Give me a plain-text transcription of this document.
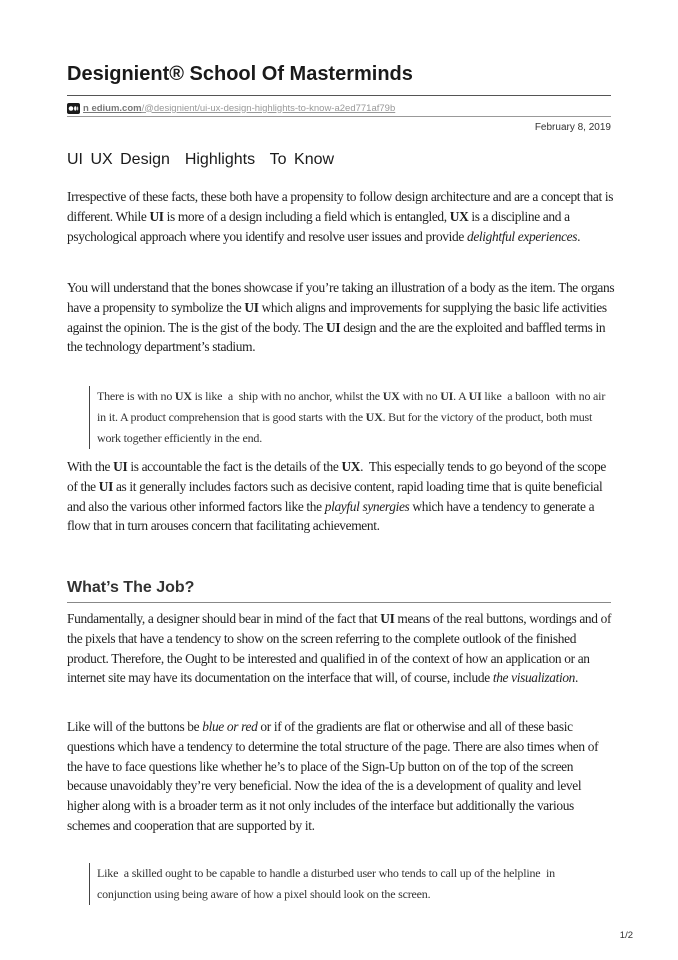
Designient® School Of Masterminds
n edium.com /@designient/ui-ux-design-highlights-to-know-a2ed771af79b
February 8, 2019
UI UX Design  Highlights  To Know

Irrespective of these facts, these both have a propensity to follow design architecture and are a concept that is different. While UI is more of a design including a field which is entangled, UX is a discipline and a psychological approach where you identify and resolve user issues and provide delightful experiences.

You will understand that the bones showcase if you’re taking an illustration of a body as the item. The organs have a propensity to symbolize the UI which aligns and improvements for supplying the basic life activities against the opinion. The is the gist of the body. The UI design and the are the exploited and baffled terms in the technology department’s stadium.

There is with no UX is like  a  ship with no anchor, whilst the UX with no UI. A UI like  a balloon  with no air in it. A product comprehension that is good starts with the UX. But for the victory of the product, both must work together efficiently in the end.

With the UI is accountable the fact is the details of the UX.  This especially tends to go beyond of the scope of the UI as it generally includes factors such as decisive content, rapid loading time that is quite beneficial and also the various other informed factors like the playful synergies which have a tendency to generate a flow that in turn arouses concern that facilitating achievement.

What’s The Job?

Fundamentally, a designer should bear in mind of the fact that UI means of the real buttons, wordings and of the pixels that have a tendency to show on the screen referring to the complete outlook of the finished product. Therefore, the Ought to be interested and qualified in of the context of how an application or an internet site may have its documentation on the interface that will, of course, include the visualization.

Like will of the buttons be blue or red or if of the gradients are flat or otherwise and all of these basic questions which have a tendency to determine the total structure of the page. There are also times when of the have to face questions like whether he’s to place of the Sign-Up button on of the top of the screen because unavoidably they’re very beneficial. Now the idea of the is a development of quality and level higher along with is a broader term as it not only includes of the interface but additionally the various schemes and cooperation that are supported by it.

Like  a skilled ought to be capable to handle a disturbed user who tends to call up of the helpline  in  conjunction using being aware of how a pixel should look on the screen.

1/2
